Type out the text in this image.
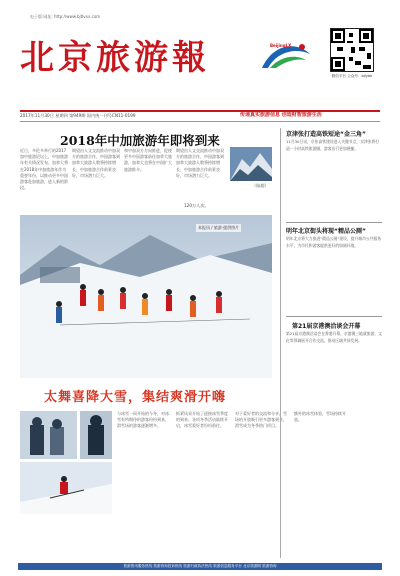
电子版:网址: http://www.bjtlvxx.com
北京旅游報	BeijingLX
微信平台 公众号：bjlybk
2017年11月30日 星期四 第949期 国内统一刊号CN11-0199	传递真实旅游信息 创造财智旅游生活
2018年中加旅游年即将到来
近日，多伦多举行的2017加中旅游论坛上，中加旅游年有关情况发布，加拿大将在2018年中加旅游年作为重要年份，以推动更多中国游客赴加旅游，进入新的阶段。
期望由人文交流推动中加双方的旅游合作，中国游客到加拿大旅游人数将持续增长，中加旅游合作前景良好，市场潜力巨大。
和中加双方方向推进，促使更多中国游客前往加拿大旅游，加拿大也将在中国扩大旅游推介。
期望由人文交流推动中加双方的旅游合作，中国游客到加拿大旅游人数将持续增长，中加旅游合作前景良好，市场潜力巨大。
（陆超）
120万人次。
本报讯 / 旅游·提供图片
太舞喜降大雪，集结爽滑开嗨
与冰雪一同开始的今冬，对冰雪有所期待的游客纷纷到来，滑雪场的游客逐渐增多。
抓紧风采开始了迎接冰雪季度的到来，各项冬季活动陆续开启，冰雪爱好者纷纷前往。
对于爱好者的交流和分享，雪场的开放吸引更多游客到来，滑雪成为冬季热门项目。
额外的冰雪体验，雪场持续开放。
京津张打造高铁短途“金三角”
11月30日讯，京张高铁建设进入关键节点，京津张将打造一小时高铁旅游圈，游客出行更加便捷。
明年北京街头将现“精品公厕”
明年北京将大力推进“精品公厕”建设，提升城市公共服务水平，为市民和游客提供更好的如厕环境。
第21届京港澳洽谈会开幕
第21届京港澳洽谈会在香港开幕，京港澳三地就旅游、文化等领域展开合作交流，推动区域共同发展。
旅游资讯服务热线 旅游咨询投诉热线 旅游行政执法热线 旅游信息服务平台 北京旅游网 旅游咨询
